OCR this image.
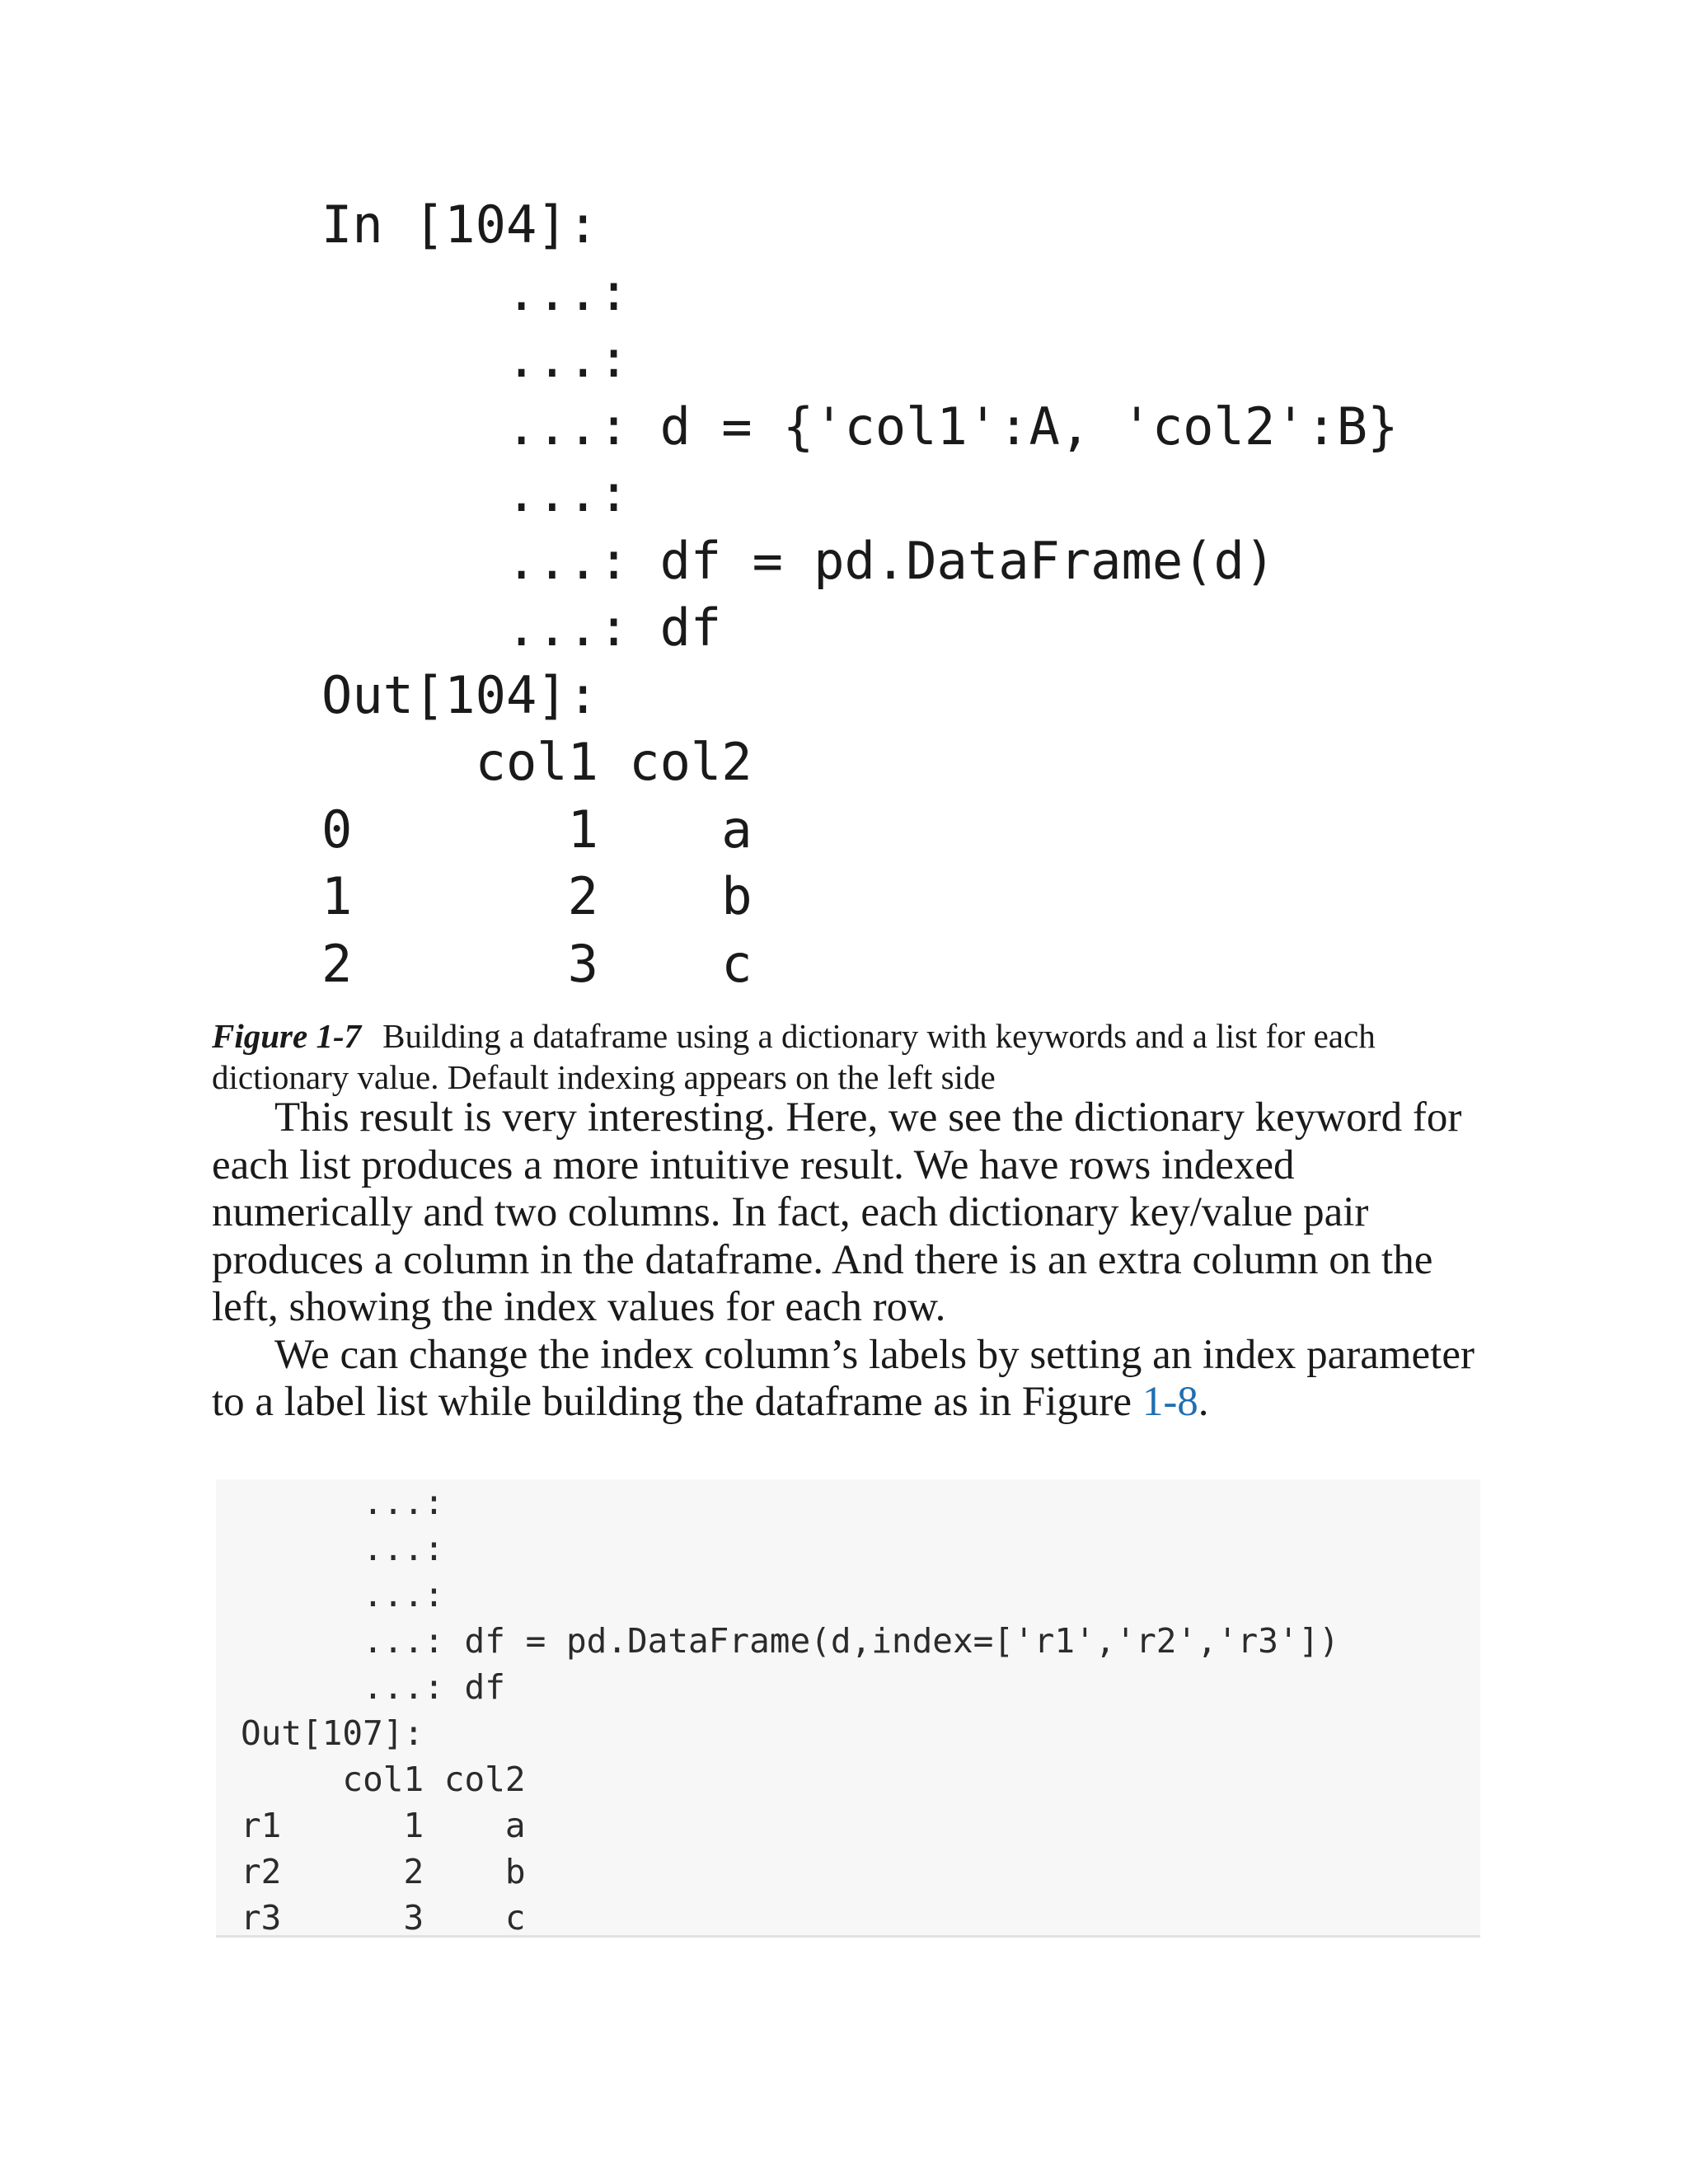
In [104]:
...:
...:
...: d = {'col1':A, 'col2':B}
...:
...: df = pd.DataFrame(d)
...: df
Out[104]:
col1 col2
0       1    a
1       2    b
2       3    c

Figure 1-7 Building a dataframe using a dictionary with keywords and a list for each dictionary value. Default indexing appears on the left side

This result is very interesting. Here, we see the dictionary keyword for each list produces a more intuitive result. We have rows indexed numerically and two columns. In fact, each dictionary key/value pair produces a column in the dataframe. And there is an extra column on the left, showing the index values for each row.

We can change the index column’s labels by setting an index parameter to a label list while building the dataframe as in Figure 1-8.

...:
...:
...:
...: df = pd.DataFrame(d,index=['r1','r2','r3'])
...: df
Out[107]:
col1 col2
r1      1    a
r2      2    b
r3      3    c
